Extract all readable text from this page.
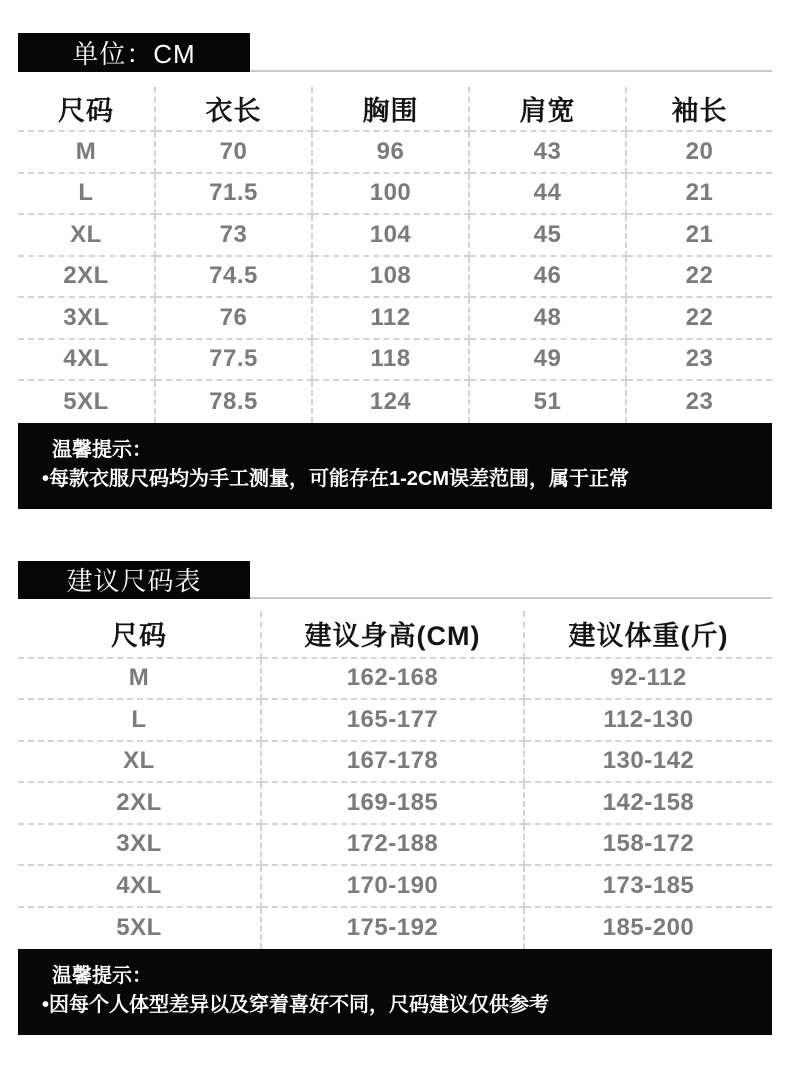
单位：CM
尺码	衣长	胸围	肩宽	袖长
M	70	96	43	20
L	71.5	100	44	21
XL	73	104	45	21
2XL	74.5	108	46	22
3XL	76	112	48	22
4XL	77.5	118	49	23
5XL	78.5	124	51	23
温馨提示：
•每款衣服尺码均为手工测量，可能存在1-2CM误差范围，属于正常
建议尺码表
尺码	建议身高(CM)	建议体重(斤)
M	162-168	92-112
L	165-177	112-130
XL	167-178	130-142
2XL	169-185	142-158
3XL	172-188	158-172
4XL	170-190	173-185
5XL	175-192	185-200
温馨提示：
•因每个人体型差异以及穿着喜好不同，尺码建议仅供参考
